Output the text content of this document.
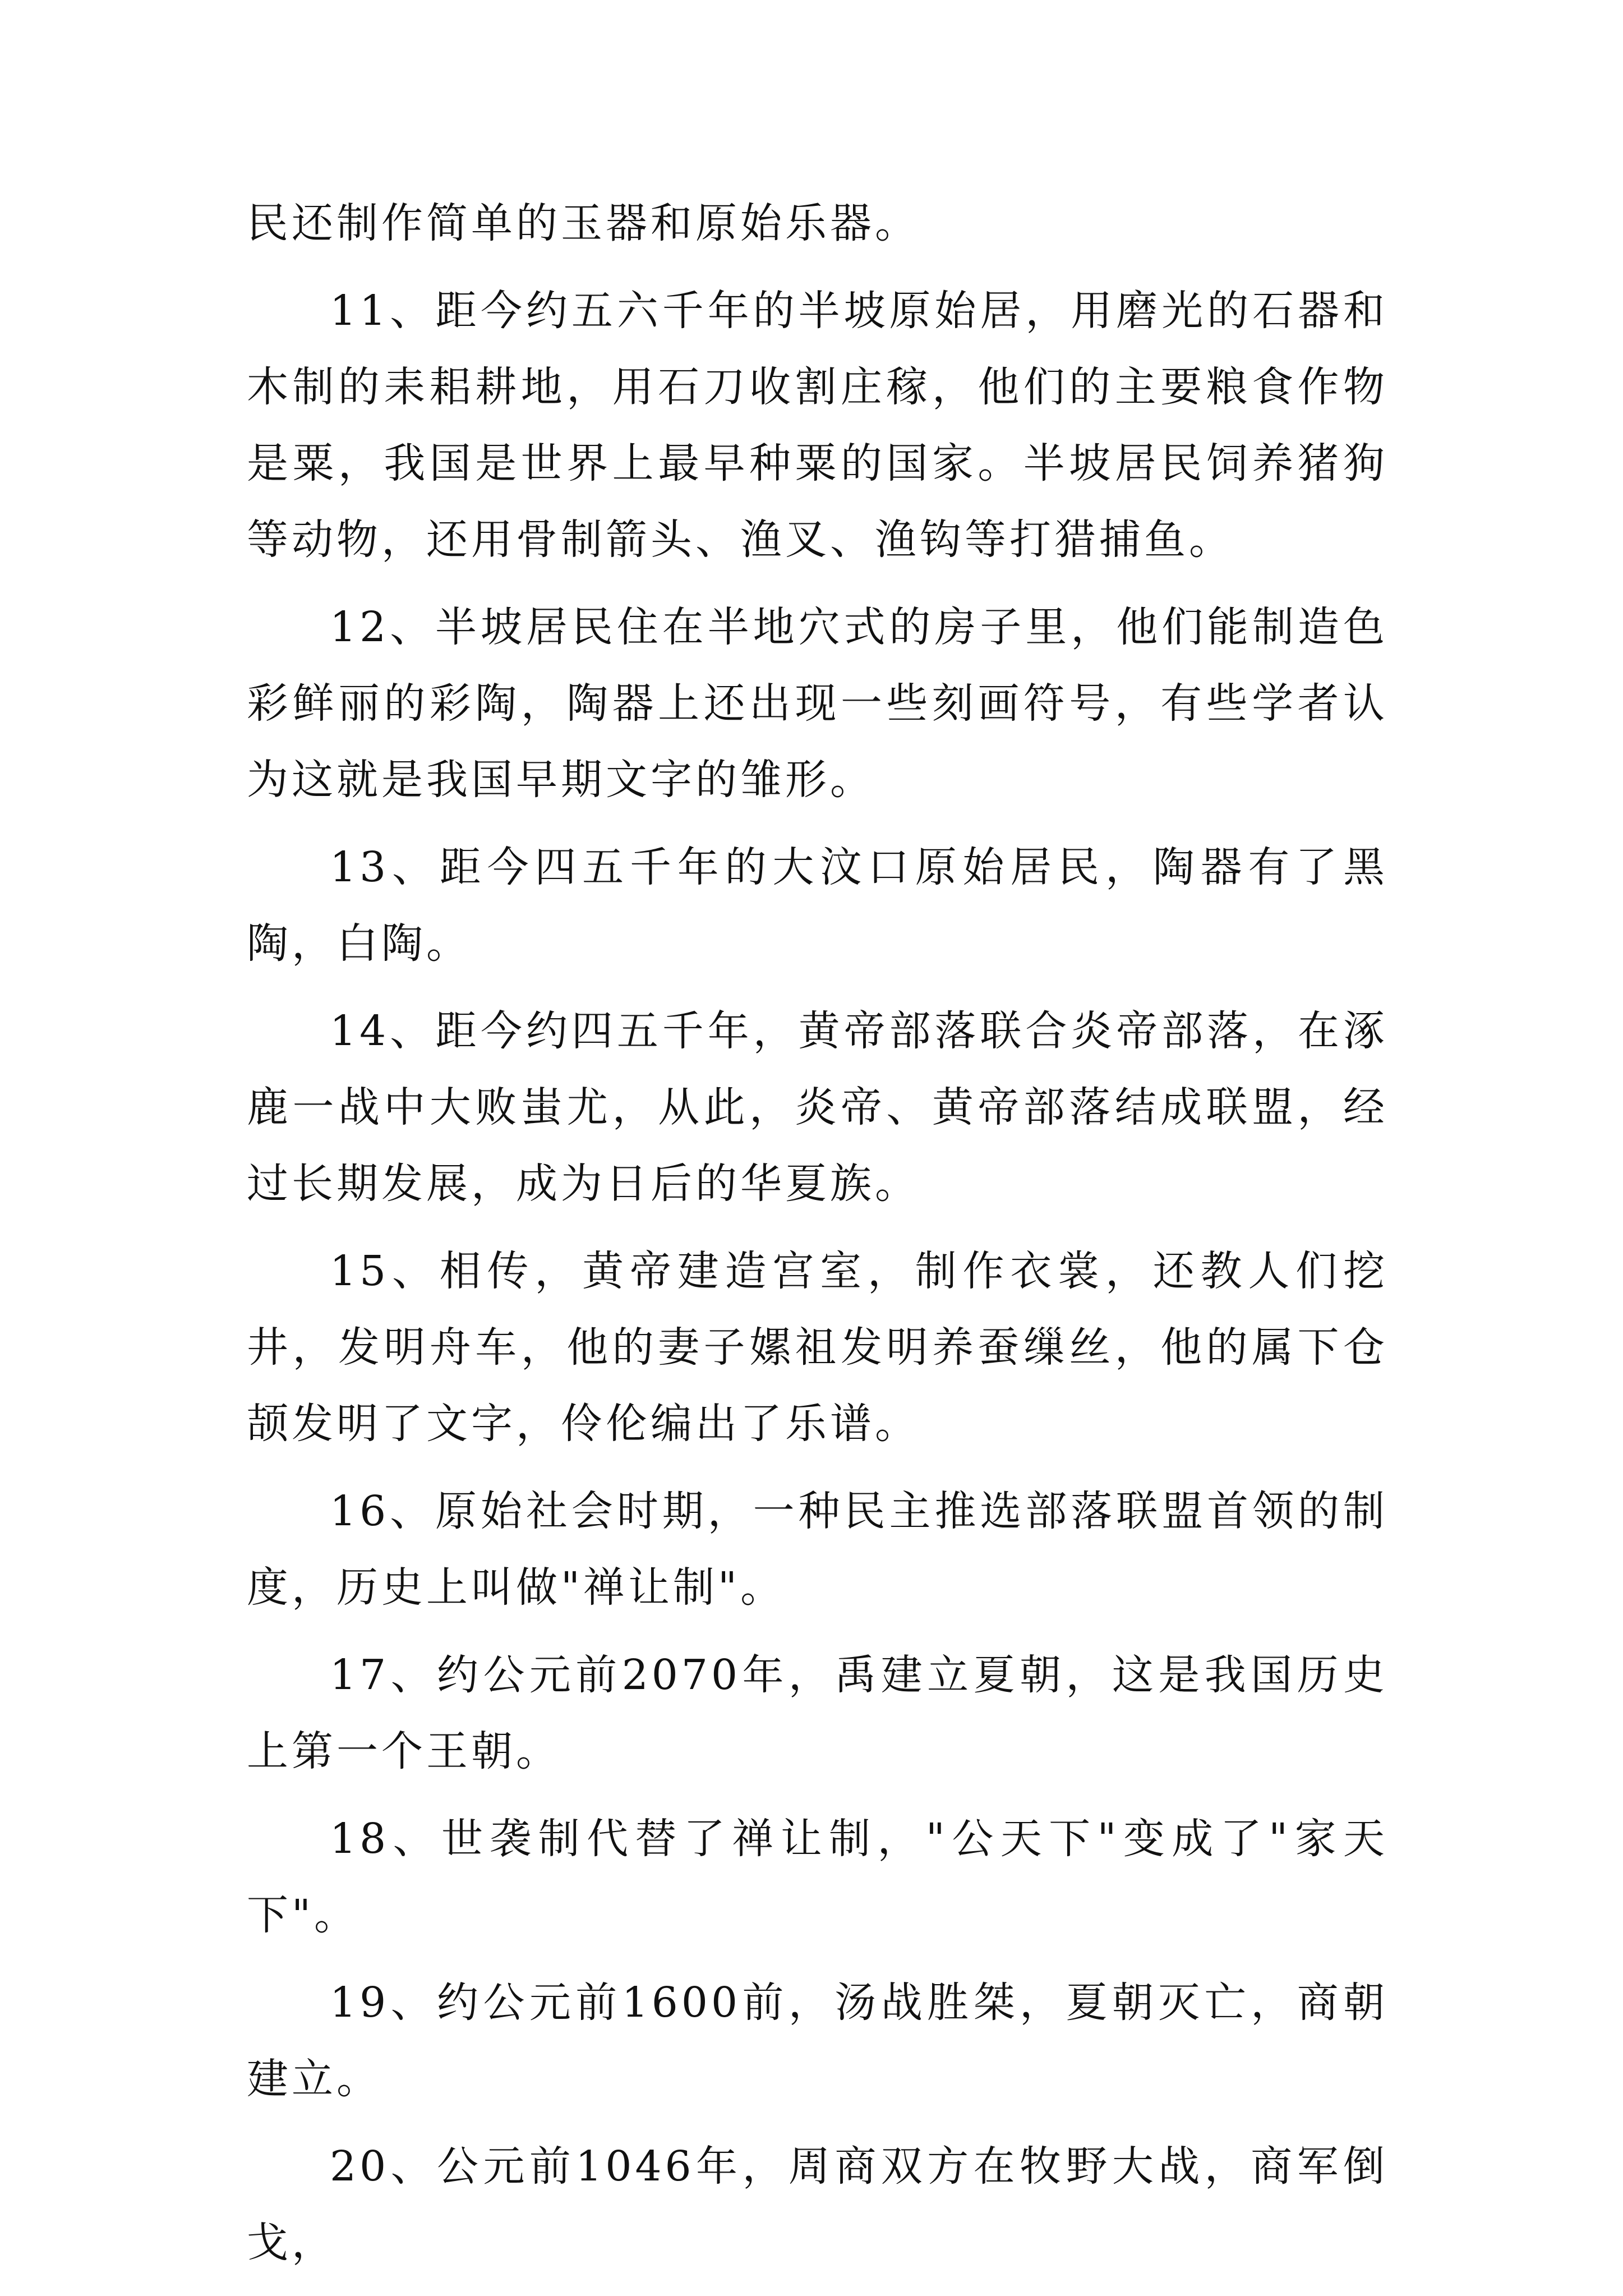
民还制作简单的玉器和原始乐器。

11、距今约五六千年的半坡原始居，用磨光的石器和木制的耒耜耕地，用石刀收割庄稼，他们的主要粮食作物是粟，我国是世界上最早种粟的国家。半坡居民饲养猪狗等动物，还用骨制箭头、渔叉、渔钩等打猎捕鱼。

12、半坡居民住在半地穴式的房子里，他们能制造色彩鲜丽的彩陶，陶器上还出现一些刻画符号，有些学者认为这就是我国早期文字的雏形。

13、距今四五千年的大汶口原始居民，陶器有了黑陶，白陶。

14、距今约四五千年，黄帝部落联合炎帝部落，在涿鹿一战中大败蚩尤，从此，炎帝、黄帝部落结成联盟，经过长期发展，成为日后的华夏族。

15、相传，黄帝建造宫室，制作衣裳，还教人们挖井，发明舟车，他的妻子嫘祖发明养蚕缫丝，他的属下仓颉发明了文字，伶伦编出了乐谱。

16、原始社会时期，一种民主推选部落联盟首领的制度，历史上叫做"禅让制"。

17、约公元前2070年，禹建立夏朝，这是我国历史上第一个王朝。

18、世袭制代替了禅让制，"公天下"变成了"家天下"。

19、约公元前1600前，汤战胜桀，夏朝灭亡，商朝建立。

20、公元前1046年，周商双方在牧野大战，商军倒戈，
